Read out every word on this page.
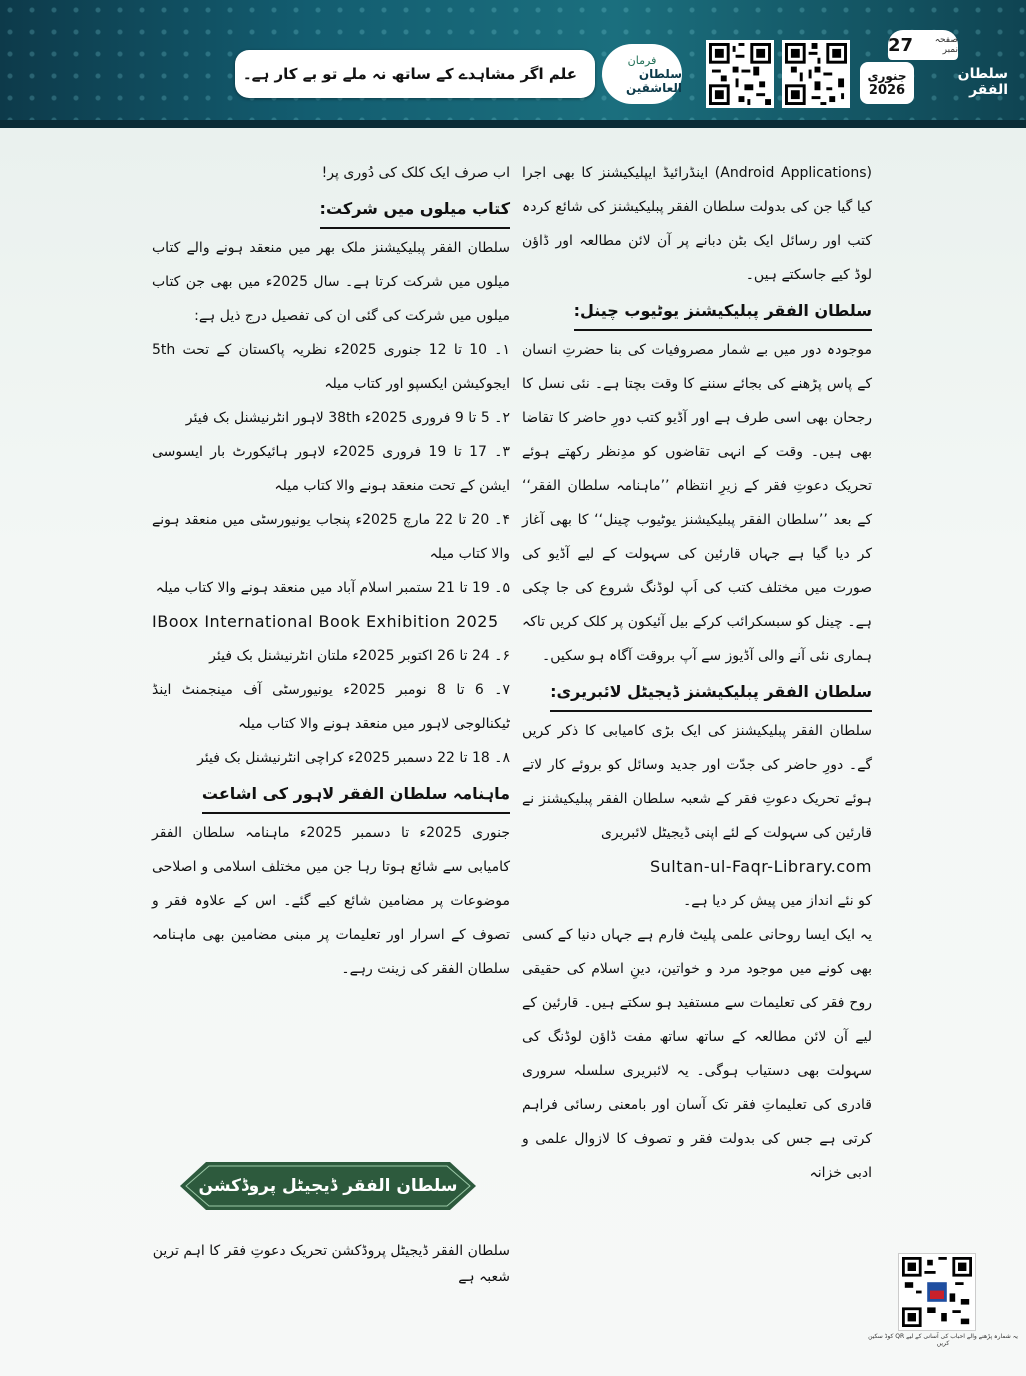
علم اگر مشاہدے کے ساتھ نہ ملے تو بے کار ہے۔
فرمان
سلطان العاشقین
27	صفحہ نمبر
جنوری
2026
سلطان الفقر

(Android Applications) اینڈرائیڈ ایپلیکیشنز کا بھی اجرا کیا گیا جن کی بدولت سلطان الفقر پبلیکیشنز کی شائع کردہ کتب اور رسائل ایک بٹن دبانے پر آن لائن مطالعہ اور ڈاؤن لوڈ کیے جاسکتے ہیں۔

سلطان الفقر پبلیکیشنز یوٹیوب چینل:

موجودہ دور میں بے شمار مصروفیات کی بنا حضرتِ انسان کے پاس پڑھنے کی بجائے سننے کا وقت بچتا ہے۔ نئی نسل کا رجحان بھی اسی طرف ہے اور آڈیو کتب دورِ حاضر کا تقاضا بھی ہیں۔ وقت کے انہی تقاضوں کو مدِنظر رکھتے ہوئے تحریک دعوتِ فقر کے زیرِ انتظام ’’ماہنامہ سلطان الفقر‘‘ کے بعد ’’سلطان الفقر پبلیکیشنز یوٹیوب چینل‘‘ کا بھی آغاز کر دیا گیا ہے جہاں قارئین کی سہولت کے لیے آڈیو کی صورت میں مختلف کتب کی اَپ لوڈنگ شروع کی جا چکی ہے۔ چینل کو سبسکرائب کرکے بیل آئیکون پر کلک کریں تاکہ ہماری نئی آنے والی آڈیوز سے آپ بروقت آگاہ ہو سکیں۔

سلطان الفقر پبلیکیشنز ڈیجیٹل لائبریری:

سلطان الفقر پبلیکیشنز کی ایک بڑی کامیابی کا ذکر کریں گے۔ دورِ حاضر کی جدّت اور جدید وسائل کو بروئے کار لاتے ہوئے تحریک دعوتِ فقر کے شعبہ سلطان الفقر پبلیکیشنز نے قارئین کی سہولت کے لئے اپنی ڈیجیٹل لائبریری

Sultan-ul-Faqr-Library.com

کو نئے انداز میں پیش کر دیا ہے۔

یہ ایک ایسا روحانی علمی پلیٹ فارم ہے جہاں دنیا کے کسی بھی کونے میں موجود مرد و خواتین، دینِ اسلام کی حقیقی روح فقر کی تعلیمات سے مستفید ہو سکتے ہیں۔ قارئین کے لیے آن لائن مطالعہ کے ساتھ ساتھ مفت ڈاؤن لوڈنگ کی سہولت بھی دستیاب ہوگی۔ یہ لائبریری سلسلہ سروری قادری کی تعلیماتِ فقر تک آسان اور بامعنی رسائی فراہم کرتی ہے جس کی بدولت فقر و تصوف کا لازوال علمی و ادبی خزانہ

اب صرف ایک کلک کی دُوری پر!

کتاب میلوں میں شرکت:

سلطان الفقر پبلیکیشنز ملک بھر میں منعقد ہونے والے کتاب میلوں میں شرکت کرتا ہے۔ سال 2025ء میں بھی جن کتاب میلوں میں شرکت کی گئی ان کی تفصیل درج ذیل ہے:

۱۔ 10 تا 12 جنوری 2025ء نظریہ پاکستان کے تحت 5th ایجوکیشن ایکسپو اور کتاب میلہ

۲۔ 5 تا 9 فروری 2025ء 38th لاہور انٹرنیشنل بک فیئر

۳۔ 17 تا 19 فروری 2025ء لاہور ہائیکورٹ بار ایسوسی ایشن کے تحت منعقد ہونے والا کتاب میلہ

۴۔ 20 تا 22 مارچ 2025ء پنجاب یونیورسٹی میں منعقد ہونے والا کتاب میلہ

۵۔ 19 تا 21 ستمبر اسلام آباد میں منعقد ہونے والا کتاب میلہ

IBoox International Book Exhibition 2025

۶۔ 24 تا 26 اکتوبر 2025ء ملتان انٹرنیشنل بک فیئر

۷۔ 6 تا 8 نومبر 2025ء یونیورسٹی آف مینجمنٹ اینڈ ٹیکنالوجی لاہور میں منعقد ہونے والا کتاب میلہ

۸۔ 18 تا 22 دسمبر 2025ء کراچی انٹرنیشنل بک فیئر

ماہنامہ سلطان الفقر لاہور کی اشاعت

جنوری 2025ء تا دسمبر 2025ء ماہنامہ سلطان الفقر کامیابی سے شائع ہوتا رہا جن میں مختلف اسلامی و اصلاحی موضوعات پر مضامین شائع کیے گئے۔ اس کے علاوہ فقر و تصوف کے اسرار اور تعلیمات پر مبنی مضامین بھی ماہنامہ سلطان الفقر کی زینت رہے۔

سلطان الفقر ڈیجیٹل پروڈکشن
سلطان الفقر ڈیجیٹل پروڈکشن تحریک دعوتِ فقر کا اہم ترین شعبہ ہے
یہ شمارہ پڑھنے والے احباب کی آسانی کے لیے QR کوڈ سکین کریں
